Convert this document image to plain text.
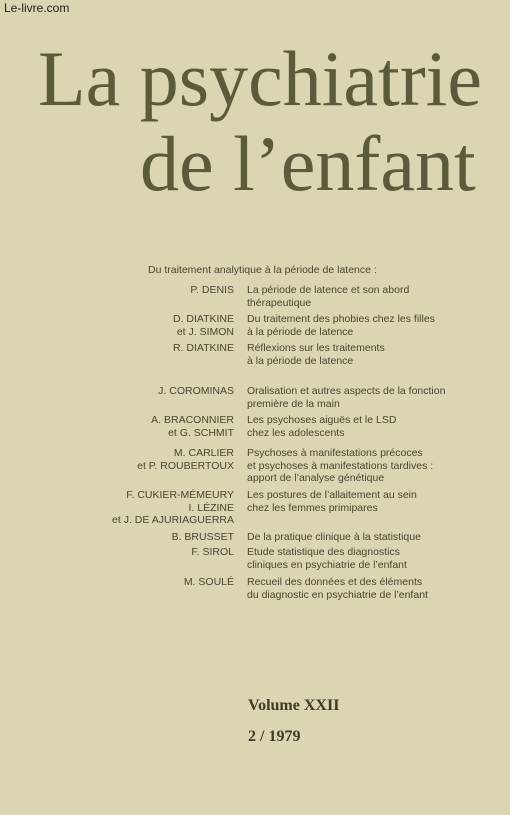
La psychiatrie
de l’enfant
Du traitement analytique à la période de latence :
P. DENIS La période de latence et son abord
thérapeutique
D. DIATKINE
et J. SIMON
Du traitement des phobies chez les filles
à la période de latence
R. DIATKINE Réflexions sur les traitements
à la période de latence
J. COROMINAS Oralisation et autres aspects de la fonction
première de la main
A. BRACONNIER
et G. SCHMIT
Les psychoses aiguës et le LSD
chez les adolescents
M. CARLIER
et P. ROUBERTOUX
Psychoses à manifestations précoces
et psychoses à manifestations tardives :
apport de l’analyse génétique
F. CUKIER-MÉMEURY
I. LÉZINE
et J. DE AJURIAGUERRA
Les postures de l’allaitement au sein
chez les femmes primipares
B. BRUSSET De la pratique clinique à la statistique
F. SIROL Etude statistique des diagnostics
cliniques en psychiatrie de l’enfant
M. SOULÉ Recueil des données et des éléments
du diagnostic en psychiatrie de l’enfant
Volume XXII
2 / 1979
Le-livre.com
